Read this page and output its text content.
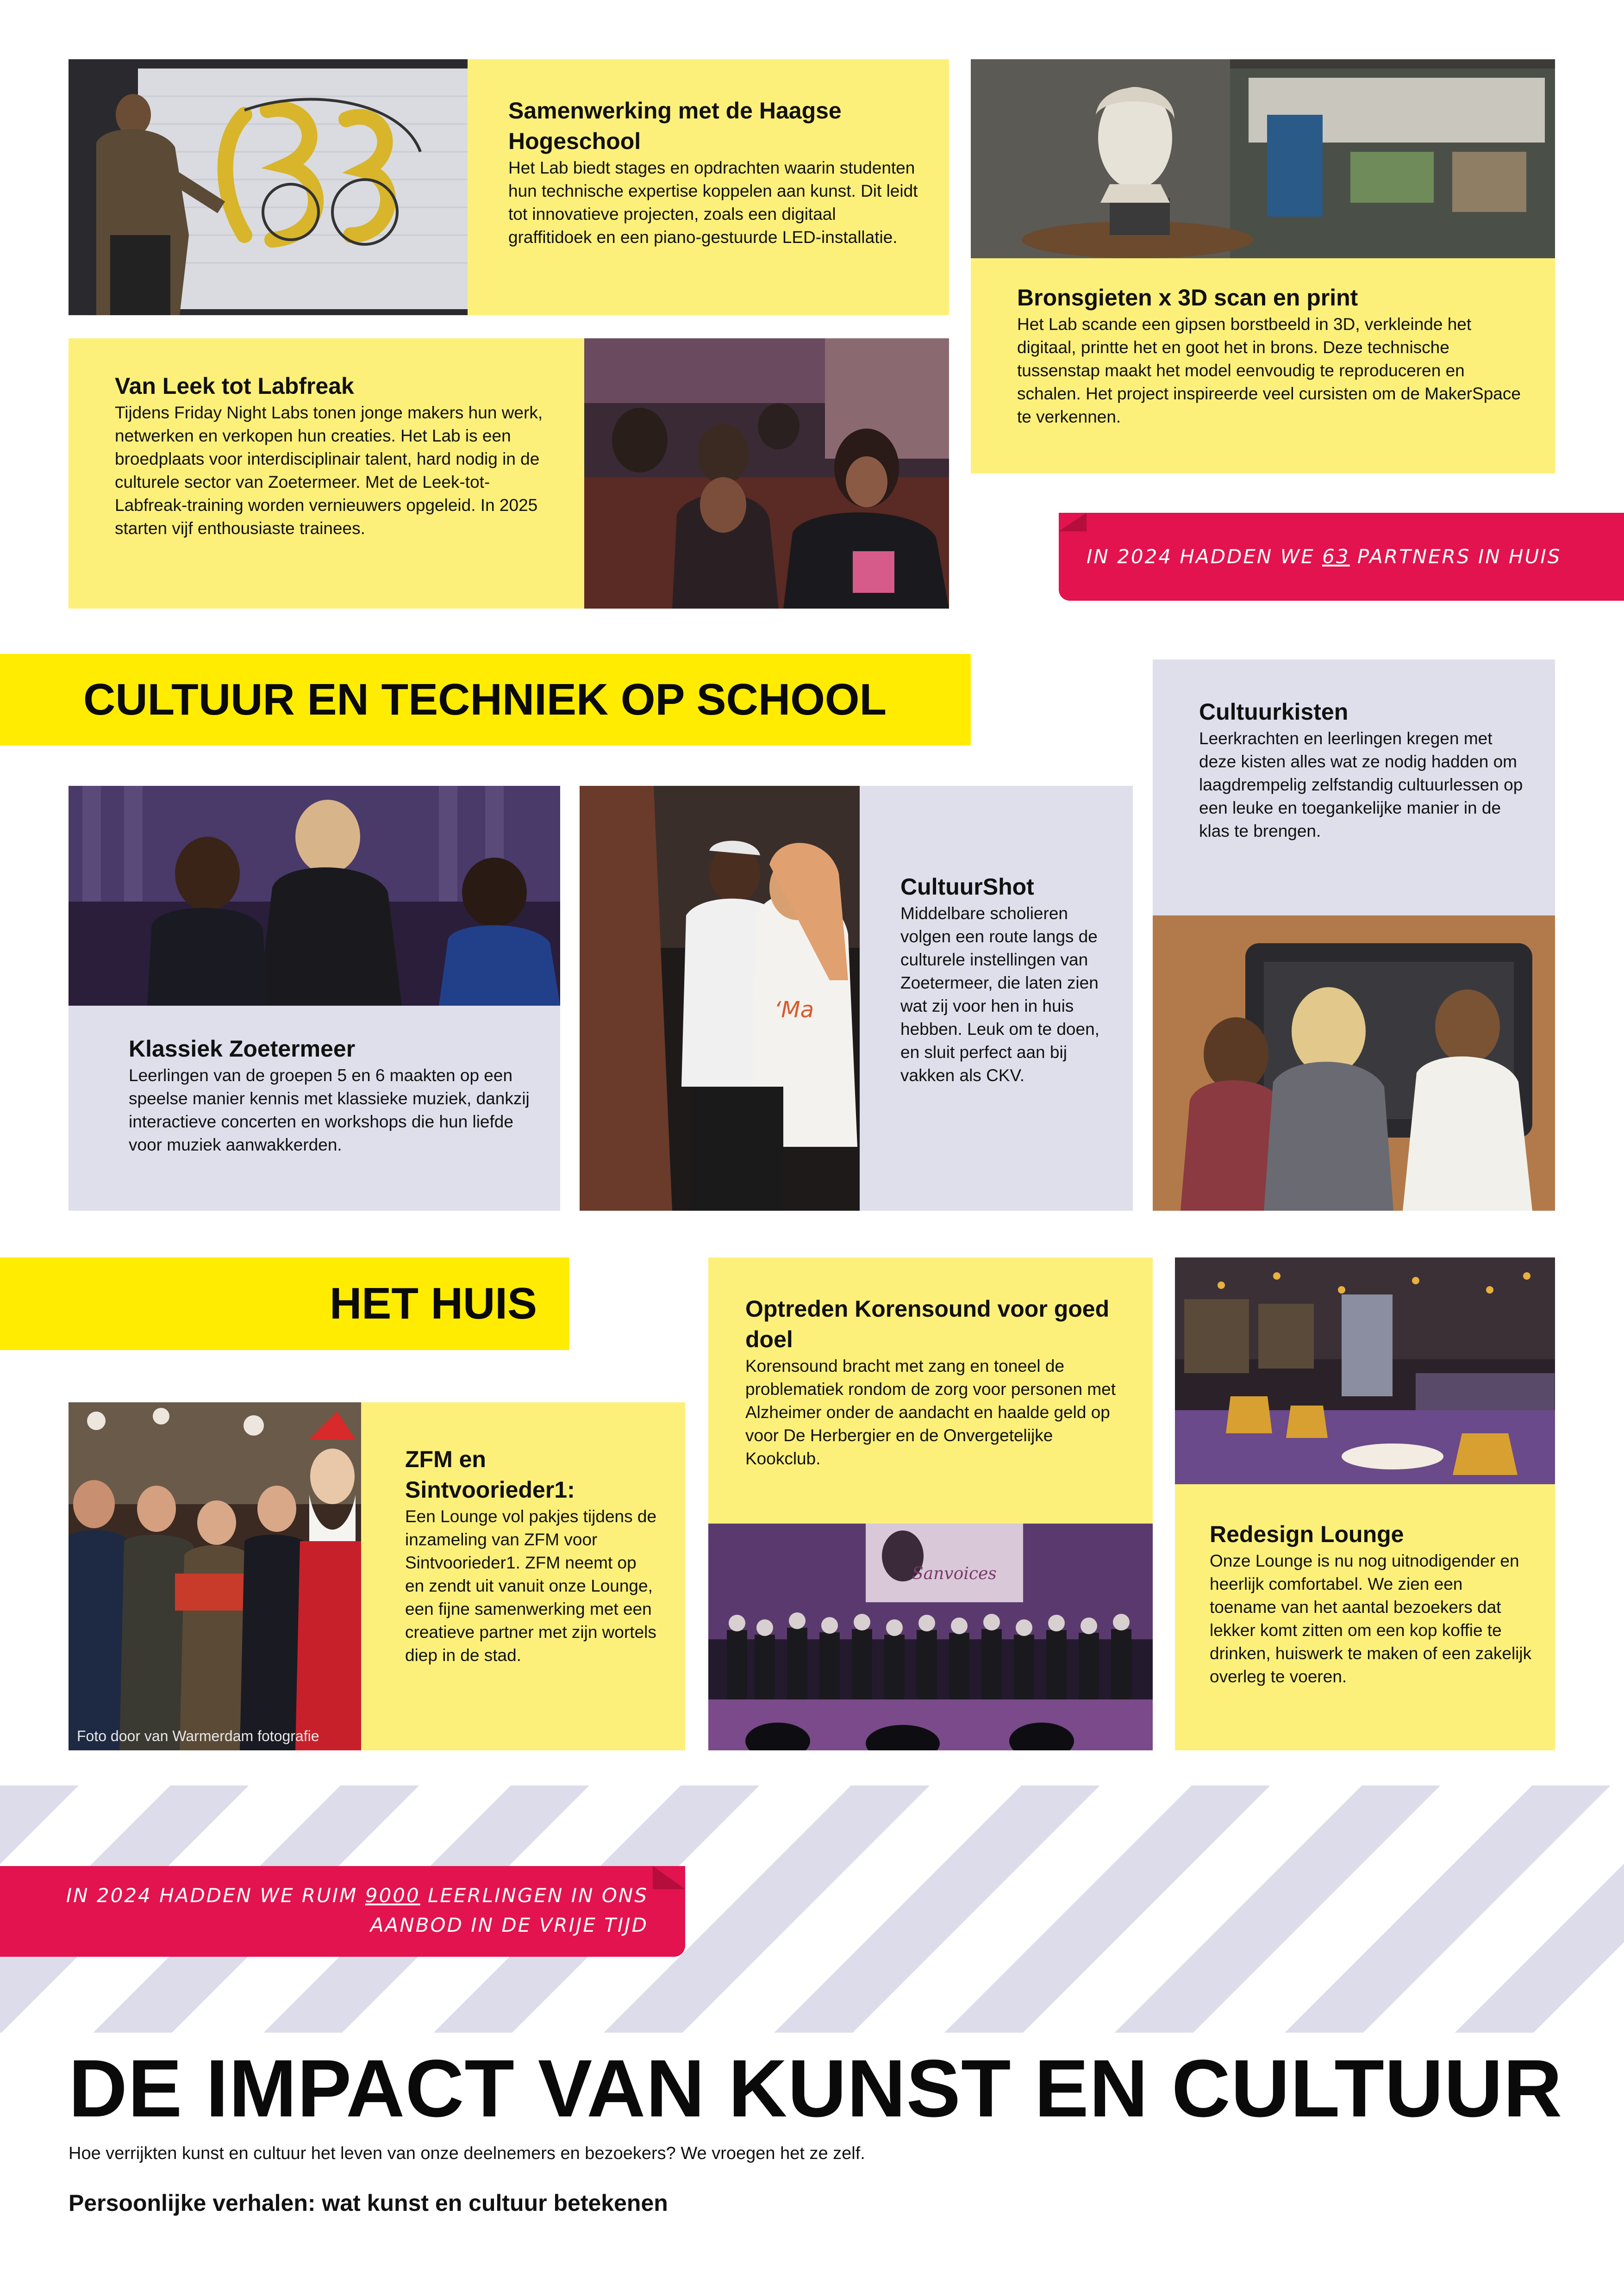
Samenwerking met de Haagse Hogeschool

Het Lab biedt stages en opdrachten waarin studenten hun technische expertise koppelen aan kunst. Dit leidt tot innovatieve projecten, zoals een digitaal graffitidoek en een piano-gestuurde LED-installatie.

Bronsgieten x 3D scan en print

Het Lab scande een gipsen borstbeeld in 3D, verkleinde het digitaal, printte het en goot het in brons. Deze technische tussenstap maakt het model eenvoudig te reproduceren en schalen. Het project inspireerde veel cursisten om de MakerSpace te verkennen.

Van Leek tot Labfreak

Tijdens Friday Night Labs tonen jonge makers hun werk, netwerken en verkopen hun creaties. Het Lab is een broedplaats voor interdisciplinair talent, hard nodig in de culturele sector van Zoetermeer. Met de Leek-tot-Labfreak-training worden vernieuwers opgeleid. In 2025 starten vijf enthousiaste trainees.

IN 2024 HADDEN WE 63 PARTNERS IN HUIS
CULTUUR EN TECHNIEK OP SCHOOL	Cultuurkisten

Leerkrachten en leerlingen kregen met deze kisten alles wat ze nodig hadden om laagdrempelig zelfstandig cultuurlessen op een leuke en toegankelijke manier in de klas te brengen.

Klassiek Zoetermeer

Leerlingen van de groepen 5 en 6 maakten op een speelse manier kennis met klassieke muziek, dankzij interactieve concerten en workshops die hun liefde voor muziek aanwakkerden.

‘Ma

CultuurShot

Middelbare scholieren volgen een route langs de culturele instellingen van Zoetermeer, die laten zien wat zij voor hen in huis hebben. Leuk om te doen, en sluit perfect aan bij vakken als CKV.

HET HUIS	Optreden Korensound voor goed doel

Korensound bracht met zang en toneel de problematiek rondom de zorg voor personen met Alzheimer onder de aandacht en haalde geld op voor De Herbergier en de Onvergetelijke Kookclub.

Sanvoices

Redesign Lounge

Onze Lounge is nu nog uitnodigender en heerlijk comfortabel. We zien een toename van het aantal bezoekers dat lekker komt zitten om een kop koffie te drinken, huiswerk te maken of een zakelijk overleg te voeren.

Foto door van Warmerdam fotografie

ZFM en Sintvoorieder1:

Een Lounge vol pakjes tijdens de inzameling van ZFM voor Sintvoorieder1. ZFM neemt op en zendt uit vanuit onze Lounge, een fijne samenwerking met een creatieve partner met zijn wortels diep in de stad.

IN 2024 HADDEN WE RUIM 9000 LEERLINGEN IN ONS
AANBOD IN DE VRIJE TIJD
DE IMPACT VAN KUNST EN CULTUUR
Hoe verrijkten kunst en cultuur het leven van onze deelnemers en bezoekers? We vroegen het ze zelf.
Persoonlijke verhalen: wat kunst en cultuur betekenen
